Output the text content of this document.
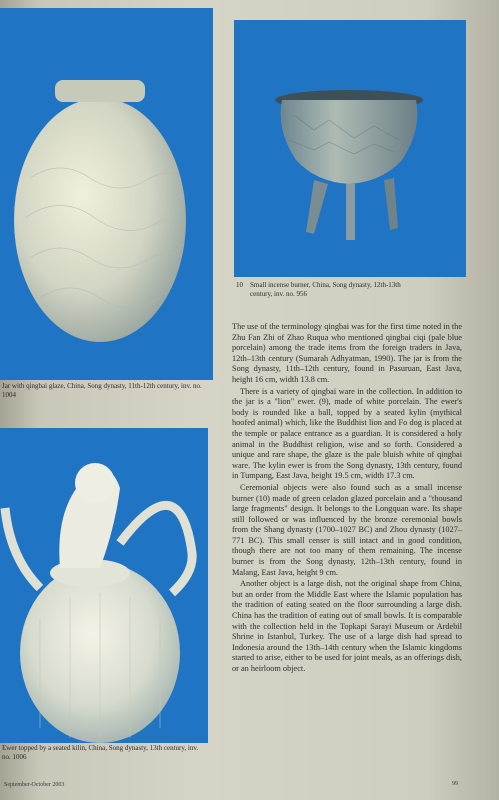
Jar with qingbai glaze, China, Song dynasty, 11th-12th century, inv. no. 1004
Ewer topped by a seated kilin, China, Song dynasty, 13th century, inv. no. 1006
10	Small incense burner, China, Song dynasty, 12th-13th century, inv. no. 956

The use of the terminology qingbai was for the first time noted in the Zhu Fan Zhi of Zhao Ruqua who mentioned qingbai ciqi (pale blue porcelain) among the trade items from the foreign traders in Java, 12th–13th century (Sumarah Adhyatman, 1990). The jar is from the Song dynasty, 11th–12th century, found in Pasuruan, East Java, height 16 cm, width 13.8 cm.

There is a variety of qingbai ware in the collection. In addition to the jar is a "lion" ewer. (9), made of white porcelain. The ewer's body is rounded like a ball, topped by a seated kylin (mythical hoofed animal) which, like the Buddhist lion and Fo dog is placed at the temple or palace entrance as a guardian. It is considered a holy animal in the Buddhist religion, wise and so forth. Considered a unique and rare shape, the glaze is the pale bluish white of qingbai ware. The kylin ewer is from the Song dynasty, 13th century, found in Tumpang, East Java, height 19.5 cm, width 17.3 cm.

Ceremonial objects were also found such as a small incense burner (10) made of green celadon glazed porcelain and a "thousand large fragments" design. It belongs to the Longquan ware. Its shape still followed or was influenced by the bronze ceremonial bowls from the Shang dynasty (1700–1027 BC) and Zhou dynasty (1027–771 BC). This small censer is still intact and in good condition, though there are not too many of them remaining. The incense burner is from the Song dynasty, 12th–13th century, found in Malang, East Java, height 9 cm.

Another object is a large dish, not the original shape from China, but an order from the Middle East where the Islamic population has the tradition of eating seated on the floor surrounding a large dish. China has the tradition of eating out of small bowls. It is comparable with the collection held in the Topkapi Sarayi Museum or Ardebil Shrine in Istanbul, Turkey. The use of a large dish had spread to Indonesia around the 13th–14th century when the Islamic kingdoms started to arise, either to be used for joint meals, as an offerings dish, or an heirloom object.

September-October 2003	99
